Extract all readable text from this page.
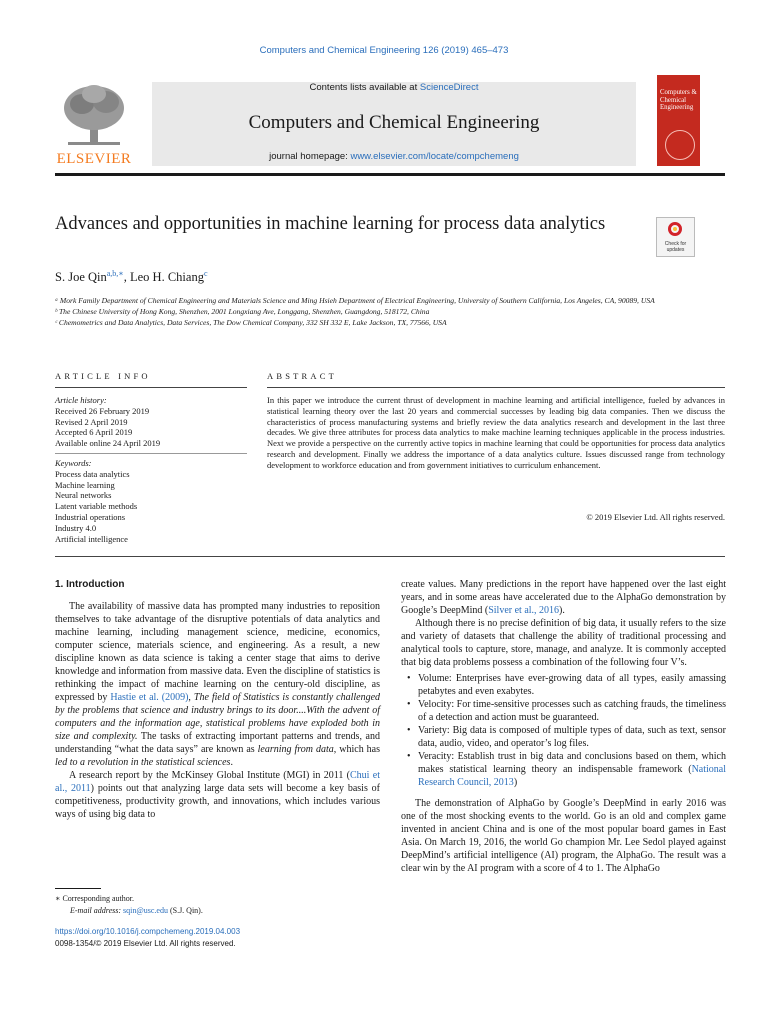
Computers and Chemical Engineering 126 (2019) 465–473
ELSEVIER
Contents lists available at ScienceDirect
Computers and Chemical Engineering
journal homepage: www.elsevier.com/locate/compchemeng
Computers & Chemical Engineering
Advances and opportunities in machine learning for process data analytics
Check for updates
S. Joe Qin$^{a,b,∗}$, Leo H. Chiang$^c$
ᵃ Mork Family Department of Chemical Engineering and Materials Science and Ming Hsieh Department of Electrical Engineering, University of Southern California, Los Angeles, CA, 90089, USA
ᵇ The Chinese University of Hong Kong, Shenzhen, 2001 Longxiang Ave, Longgang, Shenzhen, Guangdong, 518172, China
ᶜ Chemometrics and Data Analytics, Data Services, The Dow Chemical Company, 332 SH 332 E, Lake Jackson, TX, 77566, USA
ARTICLE INFO	ABSTRACT
Article history:
Received 26 February 2019
Revised 2 April 2019
Accepted 6 April 2019
Available online 24 April 2019
Keywords:
Process data analytics
Machine learning
Neural networks
Latent variable methods
Industrial operations
Industry 4.0
Artificial intelligence
In this paper we introduce the current thrust of development in machine learning and artificial intelligence, fueled by advances in statistical learning theory over the last 20 years and commercial successes by leading big data companies. Then we discuss the characteristics of process manufacturing systems and briefly review the data analytics research and development in the last three decades. We give three attributes for process data analytics to make machine learning techniques applicable in the process industries. Next we provide a perspective on the currently active topics in machine learning that could be opportunities for process data analytics research and development. Finally we address the importance of a data analytics culture. Issues discussed range from technology development to workforce education and from government initiatives to curriculum enhancement.
© 2019 Elsevier Ltd. All rights reserved.
1. Introduction

The availability of massive data has prompted many industries to reposition themselves to take advantage of the disruptive potentials of data analytics and machine learning, including management science, medicine, economics, computer science, materials science, and engineering. As a result, a new discipline known as data science is taking a center stage that aims to derive knowledge and information from massive data. Even the discipline of statistics is rethinking the impact of machine learning on the century-old discipline, as expressed by Hastie et al. (2009), The field of Statistics is constantly challenged by the problems that science and industry brings to its door....With the advent of computers and the information age, statistical problems have exploded both in size and complexity. The tasks of extracting important patterns and trends, and understanding “what the data says” are known as learning from data, which has led to a revolution in the statistical sciences.

A research report by the McKinsey Global Institute (MGI) in 2011 (Chui et al., 2011) points out that analyzing large data sets will become a key basis of competitiveness, productivity growth, and innovations, which includes various ways of using big data to

create values. Many predictions in the report have happened over the last eight years, and in some areas have accelerated due to the AlphaGo demonstration by Google’s DeepMind (Silver et al., 2016).

Although there is no precise definition of big data, it usually refers to the size and variety of datasets that challenge the ability of traditional processing and analytical tools to capture, store, manage, and analyze. It is commonly accepted that big data problems possess a combination of the following four V’s.

• Volume: Enterprises have ever-growing data of all types, easily amassing petabytes and even exabytes.
• Velocity: For time-sensitive processes such as catching frauds, the timeliness of a detection and action must be guaranteed.
• Variety: Big data is composed of multiple types of data, such as text, sensor data, audio, video, and operator’s log files.
• Veracity: Establish trust in big data and conclusions based on them, which makes statistical learning theory an indispensable framework (National Research Council, 2013)

The demonstration of AlphaGo by Google’s DeepMind in early 2016 was one of the most shocking events to the world. Go is an old and complex game invented in ancient China and is one of the most popular board games in East Asia. On March 19, 2016, the world Go champion Mr. Lee Sedol played against DeepMind’s artificial intelligence (AI) program, the AlphaGo. The result was a clear win by the AI program with a score of 4 to 1. The AlphaGo

∗ Corresponding author.
E-mail address: sqin@usc.edu (S.J. Qin).
https://doi.org/10.1016/j.compchemeng.2019.04.003
0098-1354/© 2019 Elsevier Ltd. All rights reserved.
